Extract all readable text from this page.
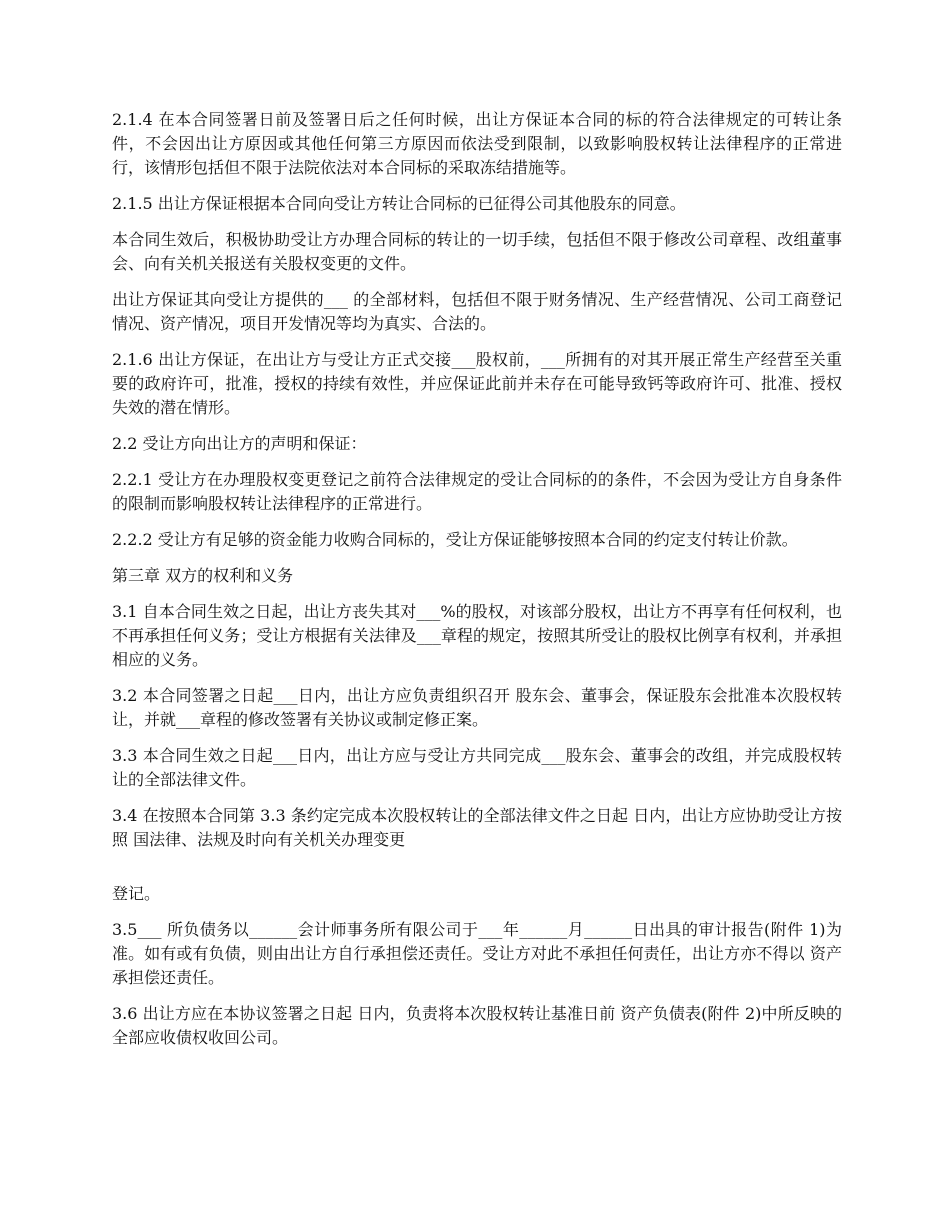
2.1.4 在本合同签署日前及签署日后之任何时候，出让方保证本合同的标的符合法律规定的可转让条件，不会因出让方原因或其他任何第三方原因而依法受到限制，以致影响股权转让法律程序的正常进行，该情形包括但不限于法院依法对本合同标的采取冻结措施等。

2.1.5 出让方保证根据本合同向受让方转让合同标的已征得公司其他股东的同意。

本合同生效后，积极协助受让方办理合同标的转让的一切手续，包括但不限于修改公司章程、改组董事会、向有关机关报送有关股权变更的文件。

出让方保证其向受让方提供的___ 的全部材料，包括但不限于财务情况、生产经营情况、公司工商登记情况、资产情况，项目开发情况等均为真实、合法的。

2.1.6 出让方保证，在出让方与受让方正式交接___股权前，___所拥有的对其开展正常生产经营至关重要的政府许可，批准，授权的持续有效性，并应保证此前并未存在可能导致钙等政府许可、批准、授权失效的潜在情形。

2.2 受让方向出让方的声明和保证：

2.2.1 受让方在办理股权变更登记之前符合法律规定的受让合同标的的条件，不会因为受让方自身条件的限制而影响股权转让法律程序的正常进行。

2.2.2 受让方有足够的资金能力收购合同标的，受让方保证能够按照本合同的约定支付转让价款。

第三章 双方的权利和义务

3.1 自本合同生效之日起，出让方丧失其对___%的股权，对该部分股权，出让方不再享有任何权利，也不再承担任何义务；受让方根据有关法律及___章程的规定，按照其所受让的股权比例享有权利，并承担相应的义务。

3.2 本合同签署之日起___日内，出让方应负责组织召开 股东会、董事会，保证股东会批准本次股权转让，并就___章程的修改签署有关协议或制定修正案。

3.3 本合同生效之日起___日内，出让方应与受让方共同完成___股东会、董事会的改组，并完成股权转让的全部法律文件。

3.4 在按照本合同第 3.3 条约定完成本次股权转让的全部法律文件之日起 日内，出让方应协助受让方按照 国法律、法规及时向有关机关办理变更

登记。

3.5___ 所负债务以______会计师事务所有限公司于___年______月______日出具的审计报告(附件 1)为准。如有或有负债，则由出让方自行承担偿还责任。受让方对此不承担任何责任，出让方亦不得以 资产承担偿还责任。

3.6 出让方应在本协议签署之日起 日内，负责将本次股权转让基准日前 资产负债表(附件 2)中所反映的全部应收债权收回公司。
